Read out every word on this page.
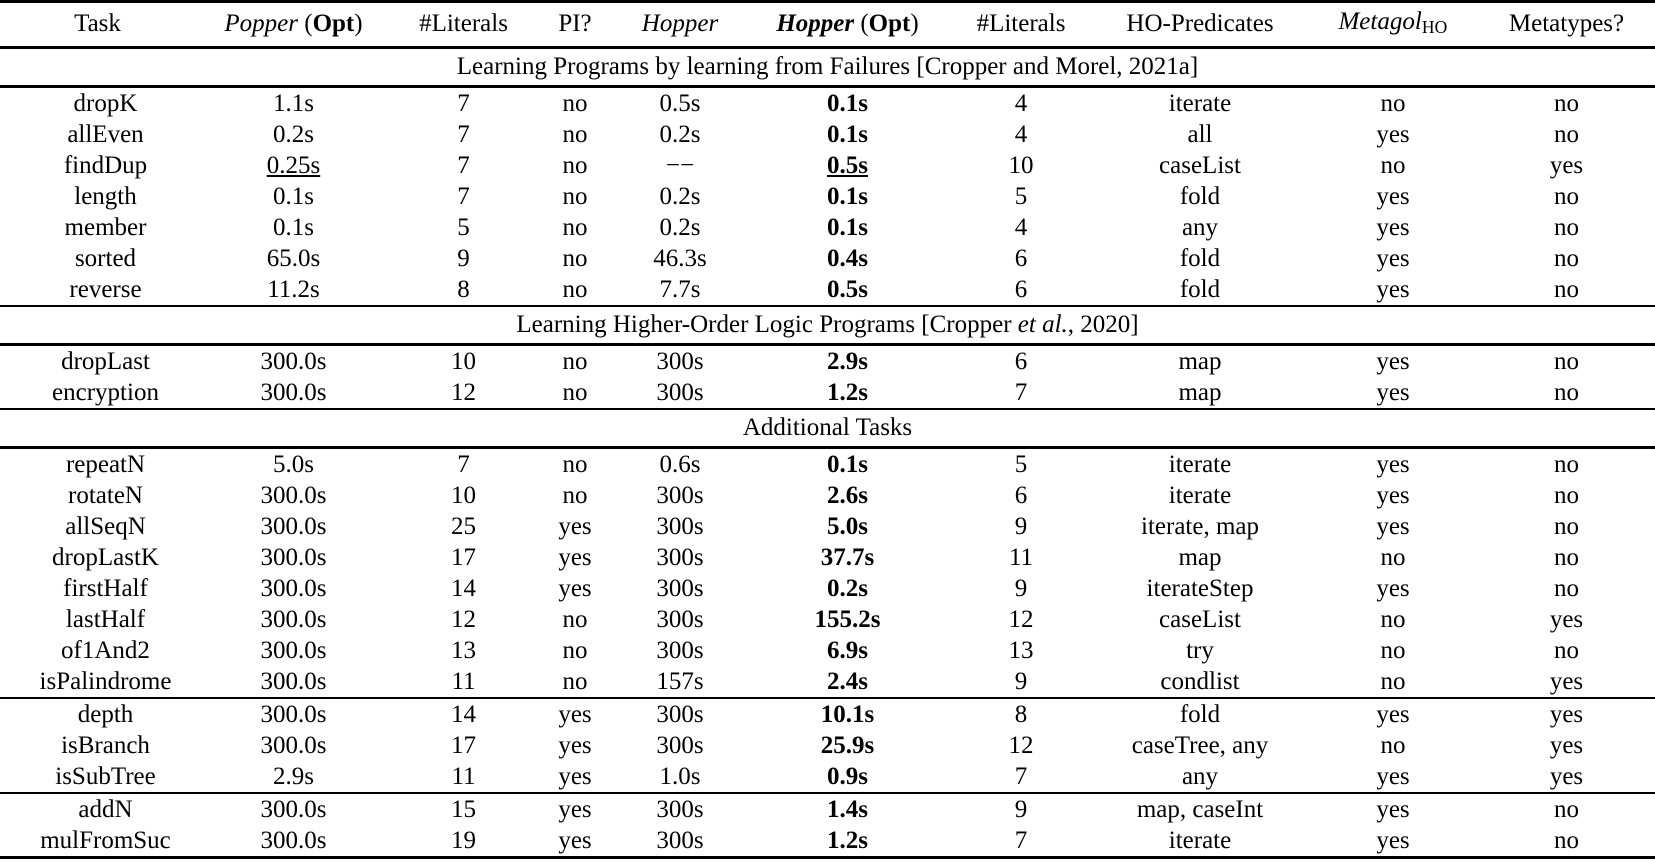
Task	Popper (Opt)	#Literals	PI?	Hopper	Hopper (Opt)	#Literals	HO-Predicates	Metagol$_{HO}$	Metatypes?
Learning Programs by learning from Failures [Cropper and Morel, 2021a]									
dropK	1.1s	7	no	0.5s	0.1s	4	iterate	no	no
allEven	0.2s	7	no	0.2s	0.1s	4	all	yes	no
findDup	0.25s	7	no	−−	0.5s	10	caseList	no	yes
length	0.1s	7	no	0.2s	0.1s	5	fold	yes	no
member	0.1s	5	no	0.2s	0.1s	4	any	yes	no
sorted	65.0s	9	no	46.3s	0.4s	6	fold	yes	no
reverse	11.2s	8	no	7.7s	0.5s	6	fold	yes	no
Learning Higher-Order Logic Programs [Cropper et al., 2020]									
dropLast	300.0s	10	no	300s	2.9s	6	map	yes	no
encryption	300.0s	12	no	300s	1.2s	7	map	yes	no
Additional Tasks									
repeatN	5.0s	7	no	0.6s	0.1s	5	iterate	yes	no
rotateN	300.0s	10	no	300s	2.6s	6	iterate	yes	no
allSeqN	300.0s	25	yes	300s	5.0s	9	iterate, map	yes	no
dropLastK	300.0s	17	yes	300s	37.7s	11	map	no	no
firstHalf	300.0s	14	yes	300s	0.2s	9	iterateStep	yes	no
lastHalf	300.0s	12	no	300s	155.2s	12	caseList	no	yes
of1And2	300.0s	13	no	300s	6.9s	13	try	no	no
isPalindrome	300.0s	11	no	157s	2.4s	9	condlist	no	yes
depth	300.0s	14	yes	300s	10.1s	8	fold	yes	yes
isBranch	300.0s	17	yes	300s	25.9s	12	caseTree, any	no	yes
isSubTree	2.9s	11	yes	1.0s	0.9s	7	any	yes	yes
addN	300.0s	15	yes	300s	1.4s	9	map, caseInt	yes	no
mulFromSuc	300.0s	19	yes	300s	1.2s	7	iterate	yes	no
